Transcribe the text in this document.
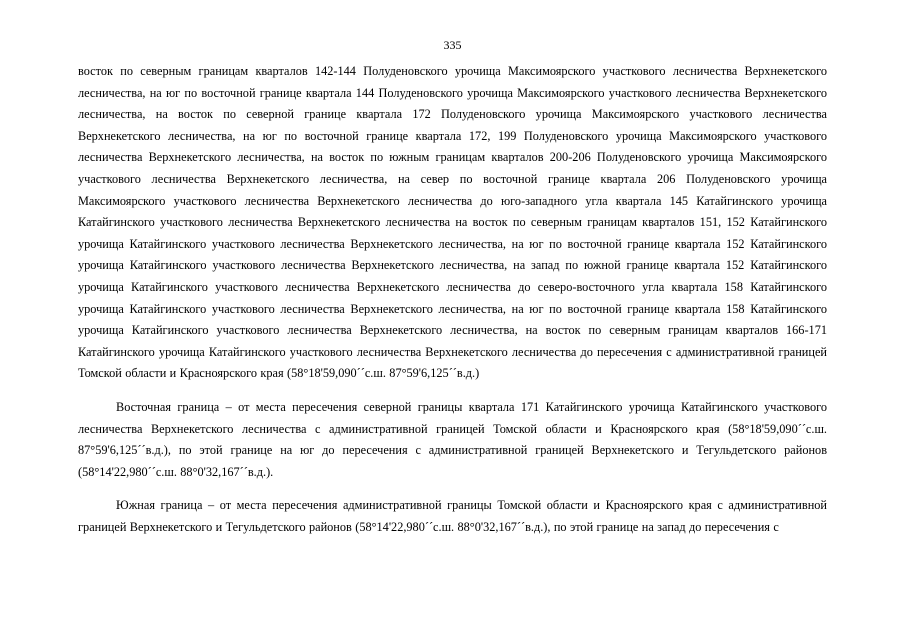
335

восток по северным границам кварталов 142-144 Полуденовского урочища Максимоярского участкового лесничества Верхнекетского лесничества, на юг по восточной границе квартала 144 Полуденовского урочища Максимоярского участкового лесничества Верхнекетского лесничества, на восток по северной границе квартала 172 Полуденовского урочища Максимоярского участкового лесничества Верхнекетского лесничества, на юг по восточной границе квартала 172, 199 Полуденовского урочища Максимоярского участкового лесничества Верхнекетского лесничества, на восток по южным границам кварталов 200-206 Полуденовского урочища Максимоярского участкового лесничества Верхнекетского лесничества, на север по восточной границе квартала 206 Полуденовского урочища Максимоярского участкового лесничества Верхнекетского лесничества до юго-западного угла квартала 145 Катайгинского урочища Катайгинского участкового лесничества Верхнекетского лесничества на восток по северным границам кварталов 151, 152 Катайгинского урочища Катайгинского участкового лесничества Верхнекетского лесничества, на юг по восточной границе квартала 152 Катайгинского урочища Катайгинского участкового лесничества Верхнекетского лесничества, на запад по южной границе квартала 152 Катайгинского урочища Катайгинского участкового лесничества Верхнекетского лесничества до северо-восточного угла квартала 158 Катайгинского урочища Катайгинского участкового лесничества Верхнекетского лесничества, на юг по восточной границе квартала 158 Катайгинского урочища Катайгинского участкового лесничества Верхнекетского лесничества, на восток по северным границам кварталов 166-171 Катайгинского урочища Катайгинского участкового лесничества Верхнекетского лесничества до пересечения с административной границей Томской области и Красноярского края (58°18'59,090´´с.ш. 87°59'6,125´´в.д.)

Восточная граница – от места пересечения северной границы квартала 171 Катайгинского урочища Катайгинского участкового лесничества Верхнекетского лесничества с административной границей Томской области и Красноярского края (58°18'59,090´´с.ш. 87°59'6,125´´в.д.), по этой границе на юг до пересечения с административной границей Верхнекетского и Тегульдетского районов (58°14'22,980´´с.ш. 88°0'32,167´´в.д.).

Южная граница – от места пересечения административной границы Томской области и Красноярского края с административной границей Верхнекетского и Тегульдетского районов (58°14'22,980´´с.ш. 88°0'32,167´´в.д.), по этой границе на запад до пересечения с
